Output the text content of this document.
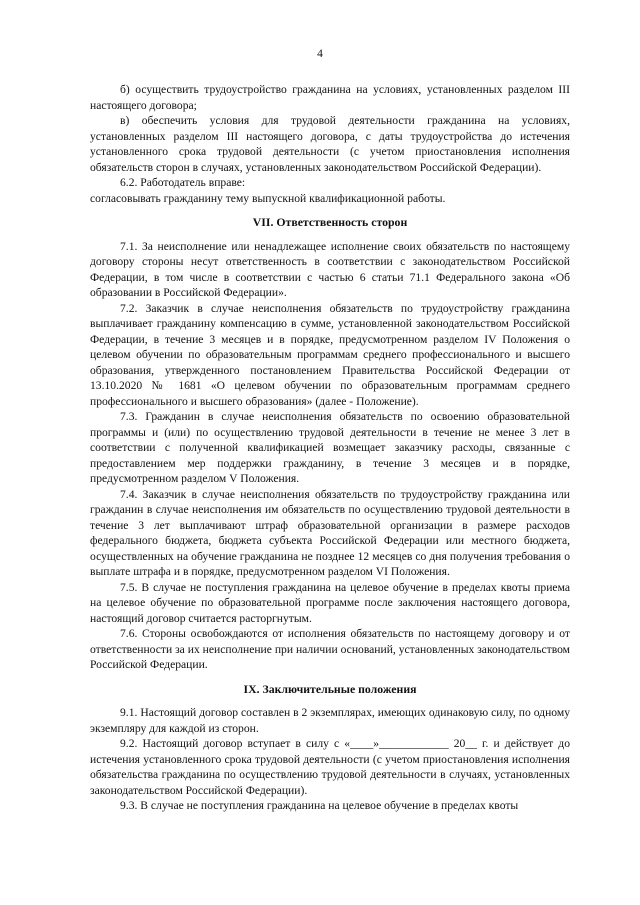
4

б) осуществить трудоустройство гражданина на условиях, установленных разделом III настоящего договора;

в) обеспечить условия для трудовой деятельности гражданина на условиях, установленных разделом III настоящего договора, с даты трудоустройства до истечения установленного срока трудовой деятельности (с учетом приостановления исполнения обязательств сторон в случаях, установленных законодательством Российской Федерации).

6.2. Работодатель вправе:

согласовывать гражданину тему выпускной квалификационной работы.

VII. Ответственность сторон

7.1. За неисполнение или ненадлежащее исполнение своих обязательств по настоящему договору стороны несут ответственность в соответствии с законодательством Российской Федерации, в том числе в соответствии с частью 6 статьи 71.1 Федерального закона «Об образовании в Российской Федерации».

7.2. Заказчик в случае неисполнения обязательств по трудоустройству гражданина выплачивает гражданину компенсацию в сумме, установленной законодательством Российской Федерации, в течение 3 месяцев и в порядке, предусмотренном разделом IV Положения о целевом обучении по образовательным программам среднего профессионального и высшего образования, утвержденного постановлением Правительства Российской Федерации от 13.10.2020 № 1681 «О целевом обучении по образовательным программам среднего профессионального и высшего образования» (далее - Положение).

7.3. Гражданин в случае неисполнения обязательств по освоению образовательной программы и (или) по осуществлению трудовой деятельности в течение не менее 3 лет в соответствии с полученной квалификацией возмещает заказчику расходы, связанные с предоставлением мер поддержки гражданину, в течение 3 месяцев и в порядке, предусмотренном разделом V Положения.

7.4. Заказчик в случае неисполнения обязательств по трудоустройству гражданина или гражданин в случае неисполнения им обязательств по осуществлению трудовой деятельности в течение 3 лет выплачивают штраф образовательной организации в размере расходов федерального бюджета, бюджета субъекта Российской Федерации или местного бюджета, осуществленных на обучение гражданина не позднее 12 месяцев со дня получения требования о выплате штрафа и в порядке, предусмотренном разделом VI Положения.

7.5. В случае не поступления гражданина на целевое обучение в пределах квоты приема на целевое обучение по образовательной программе после заключения настоящего договора, настоящий договор считается расторгнутым.

7.6. Стороны освобождаются от исполнения обязательств по настоящему договору и от ответственности за их неисполнение при наличии оснований, установленных законодательством Российской Федерации.

IX. Заключительные положения

9.1. Настоящий договор составлен в 2 экземплярах, имеющих одинаковую силу, по одному экземпляру для каждой из сторон.

9.2. Настоящий договор вступает в силу с «____»____________ 20__ г. и действует до истечения установленного срока трудовой деятельности (с учетом приостановления исполнения обязательства гражданина по осуществлению трудовой деятельности в случаях, установленных законодательством Российской Федерации).

9.3. В случае не поступления гражданина на целевое обучение в пределах квоты
